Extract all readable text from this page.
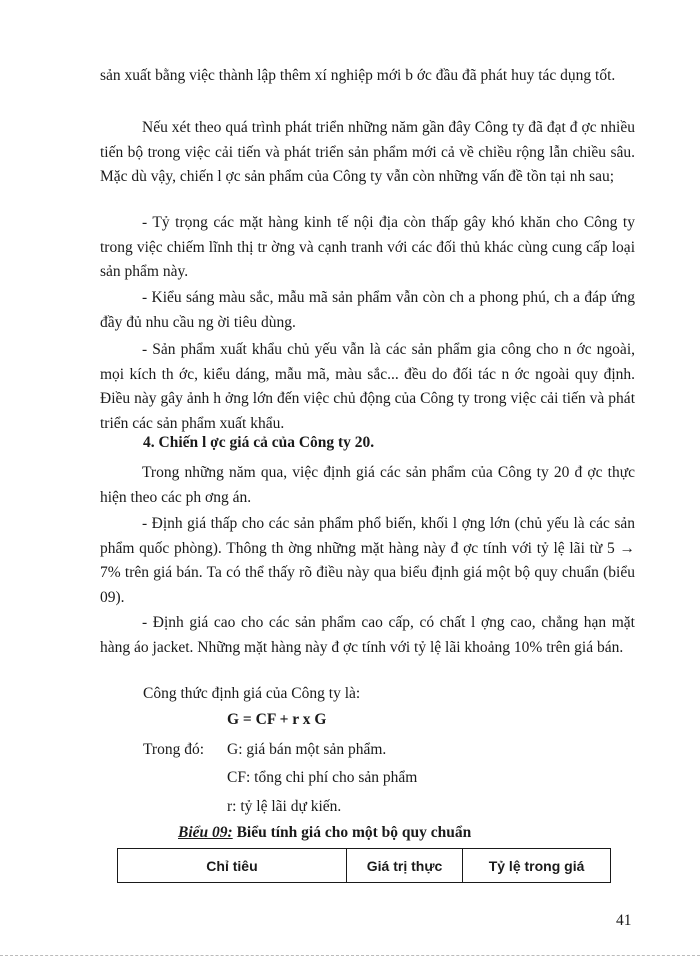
sản xuất bằng việc thành lập thêm xí nghiệp mới b ớc đầu đã phát huy tác dụng tốt.

Nếu xét theo quá trình phát triển những năm gần đây Công ty đã đạt đ ợc nhiều tiến bộ trong việc cải tiến và phát triển sản phẩm mới cả về chiều rộng lẫn chiều sâu. Mặc dù vậy, chiến l ợc sản phẩm của Công ty vẫn còn những vấn đề tồn tại nh sau;

- Tỷ trọng các mặt hàng kinh tế nội địa còn thấp gây khó khăn cho Công ty trong việc chiếm lĩnh thị tr ờng và cạnh tranh với các đối thủ khác cùng cung cấp loại sản phẩm này.

- Kiểu sáng màu sắc, mẫu mã sản phẩm vẫn còn ch a phong phú, ch a đáp ứng đầy đủ nhu cầu ng ời tiêu dùng.

- Sản phẩm xuất khẩu chủ yếu vẫn là các sản phẩm gia công cho n ớc ngoài, mọi kích th ớc, kiểu dáng, mẫu mã, màu sắc... đều do đối tác n ớc ngoài quy định. Điều này gây ảnh h ởng lớn đến việc chủ động của Công ty trong việc cải tiến và phát triển các sản phẩm xuất khẩu.

4. Chiến l ợc giá cả của Công ty 20.

Trong những năm qua, việc định giá các sản phẩm của Công ty 20 đ ợc thực hiện theo các ph ơng án.

- Định giá thấp cho các sản phẩm phổ biến, khối l ợng lớn (chủ yếu là các sản phẩm quốc phòng). Thông th ờng những mặt hàng này đ ợc tính với tỷ lệ lãi từ 5 → 7% trên giá bán. Ta có thể thấy rõ điều này qua biểu định giá một bộ quy chuẩn (biểu 09).

- Định giá cao cho các sản phẩm cao cấp, có chất l ợng cao, chẳng hạn mặt hàng áo jacket. Những mặt hàng này đ ợc tính với tỷ lệ lãi khoảng 10% trên giá bán.

Công thức định giá của Công ty là:

G = CF + r x G

Trong đó: G: giá bán một sản phẩm.

CF: tổng chi phí cho sản phẩm

r: tỷ lệ lãi dự kiến.

Biểu 09: Biểu tính giá cho một bộ quy chuẩn

Chỉ tiêu	Giá trị thực	Tỷ lệ trong giá

41
